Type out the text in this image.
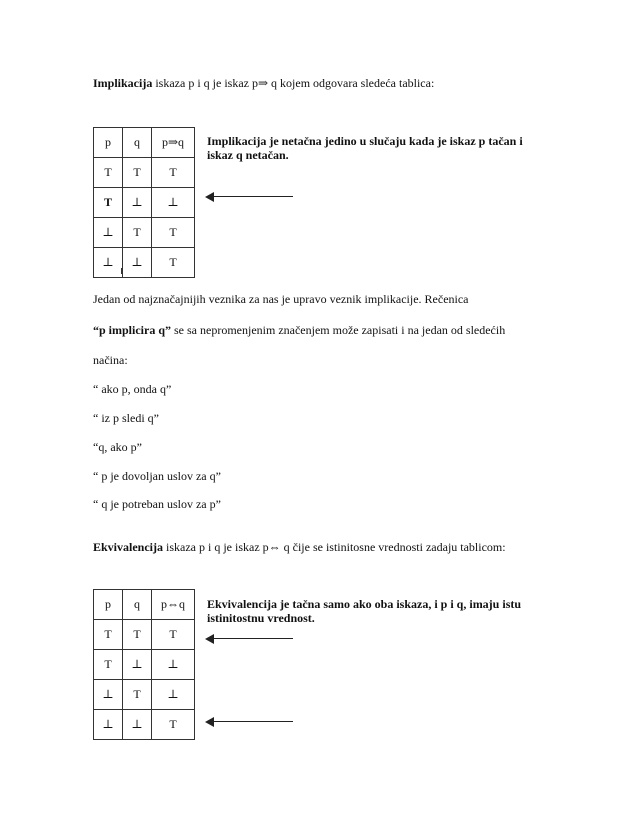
Implikacija iskaza p i q je iskaz p⇒ q kojem odgovara sledeća tablica:
p	q	p⇒q
T	T	T
T	⊥	⊥
⊥	T	T
⊥	⊥	T
Implikacija je netačna jedino u slučaju kada je iskaz p tačan i iskaz q netačan.
Jedan od najznačajnijih veznika za nas je upravo veznik implikacije. Rečenica
“p implicira q” se sa nepromenjenim značenjem može zapisati i na jedan od sledećih
načina:
“ ako p, onda q”
“ iz p sledi q”
“q, ako p”
“ p je dovoljan uslov za q”
“ q je potreban uslov za p”
Ekvivalencija iskaza p i q je iskaz p⇔ q čije se istinitosne vrednosti zadaju tablicom:
p	q	p⇔q
T	T	T
T	⊥	⊥
⊥	T	⊥
⊥	⊥	T
Ekvivalencija je tačna samo ako oba iskaza, i p i q, imaju istu istinitostnu vrednost.
